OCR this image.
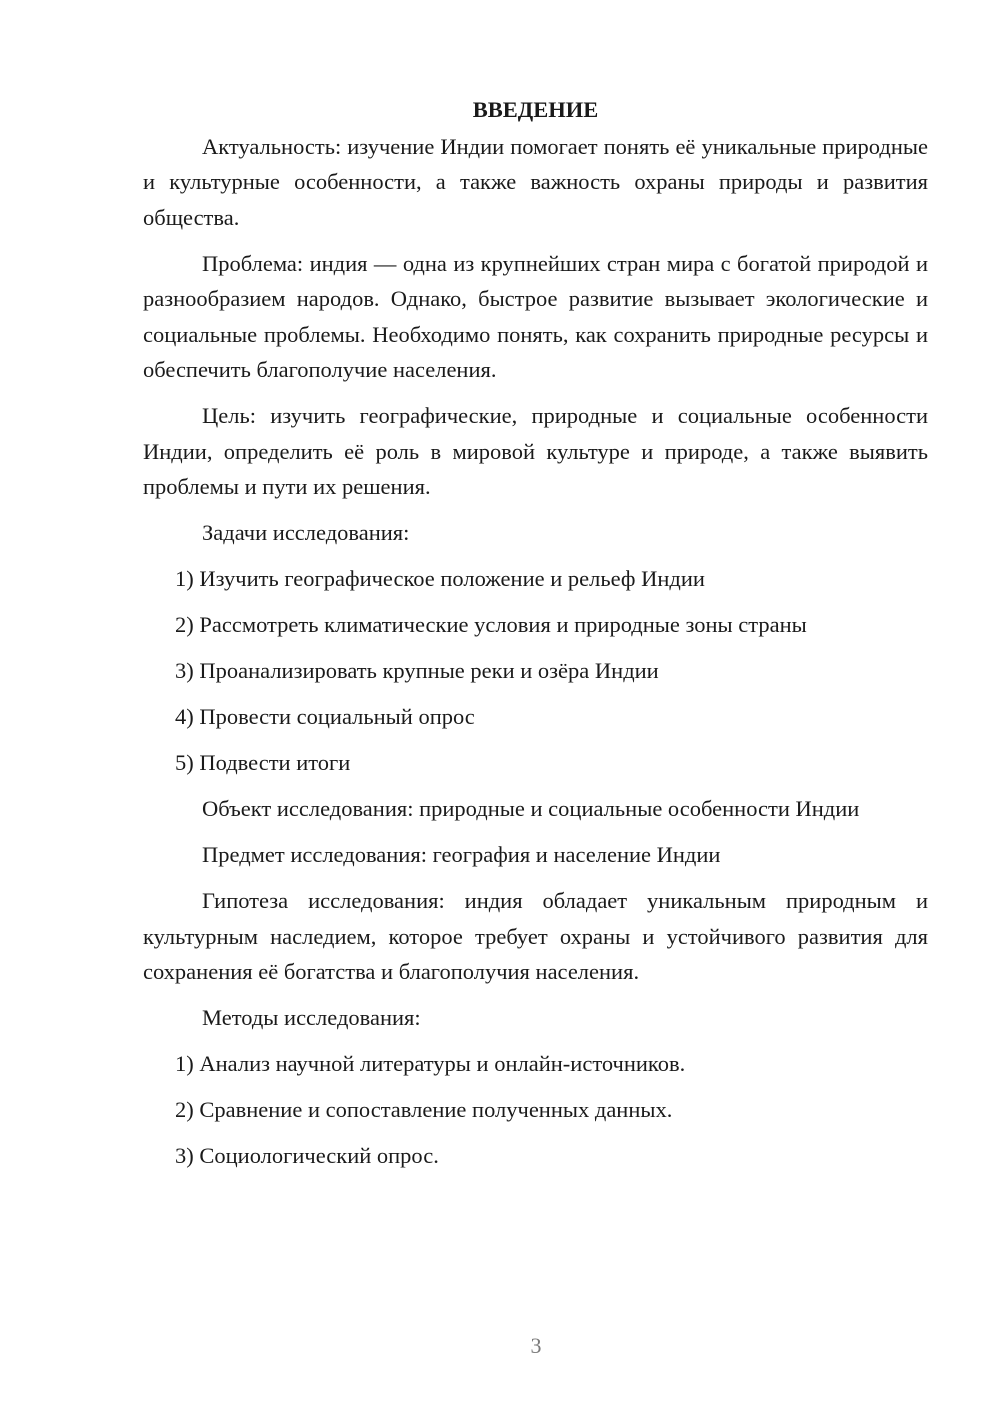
ВВЕДЕНИЕ

Актуальность: изучение Индии помогает понять её уникальные природные и культурные особенности, а также важность охраны природы и развития общества.

Проблема: индия — одна из крупнейших стран мира с богатой природой и разнообразием народов. Однако, быстрое развитие вызывает экологические и социальные проблемы. Необходимо понять, как сохранить природные ресурсы и обеспечить благополучие населения.

Цель: изучить географические, природные и социальные особенности Индии, определить её роль в мировой культуре и природе, а также выявить проблемы и пути их решения.

Задачи исследования:

1) Изучить географическое положение и рельеф Индии
2) Рассмотреть климатические условия и природные зоны страны
3) Проанализировать крупные реки и озёра Индии
4) Провести социальный опрос
5) Подвести итоги

Объект исследования: природные и социальные особенности Индии

Предмет исследования: география и население Индии

Гипотеза исследования: индия обладает уникальным природным и культурным наследием, которое требует охраны и устойчивого развития для сохранения её богатства и благополучия населения.

Методы исследования:

1) Анализ научной литературы и онлайн-источников.
2) Сравнение и сопоставление полученных данных.
3) Социологический опрос.
3
